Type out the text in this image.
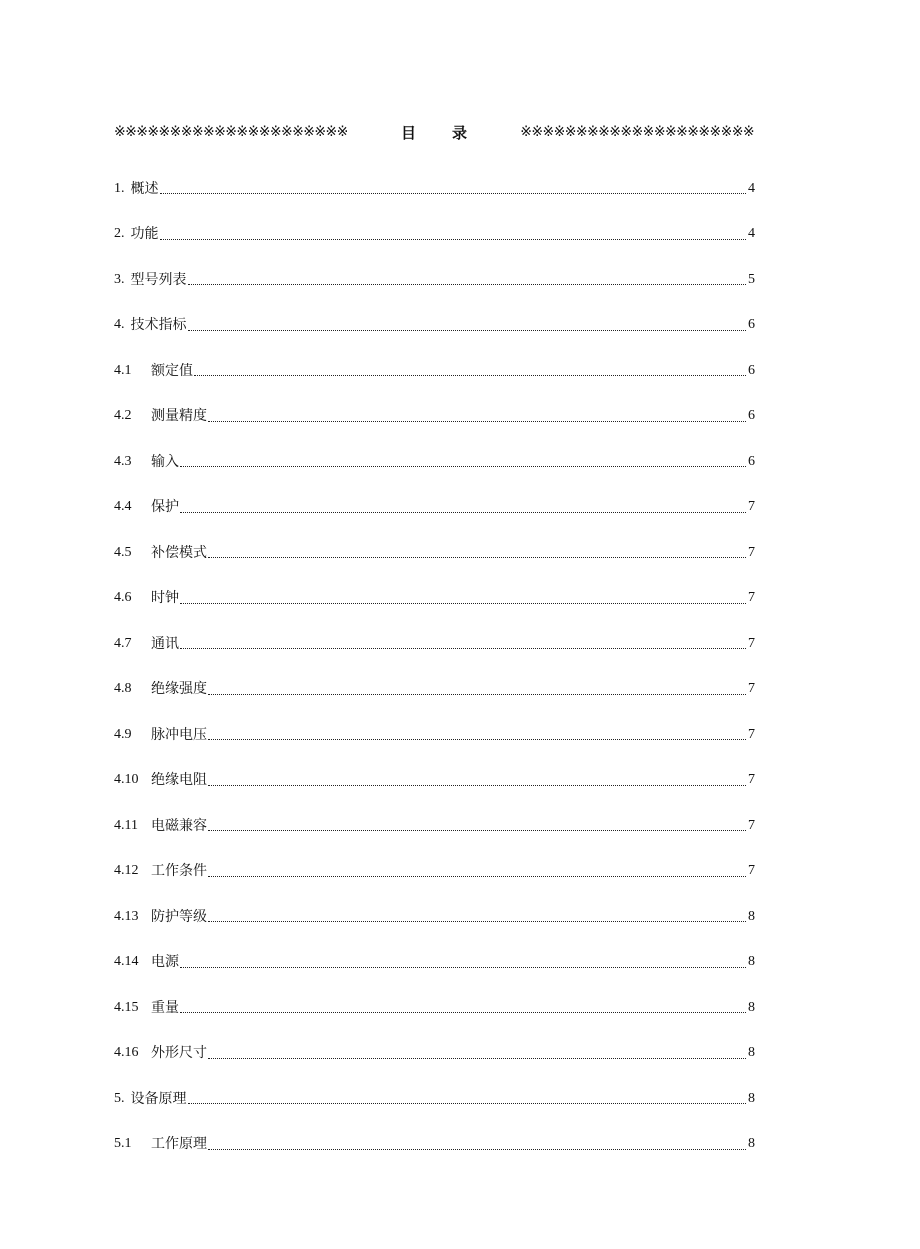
※※※※※※※※※※※※※※※※※※※※※	目 录	※※※※※※※※※※※※※※※※※※※※※
1. 概述	4
2. 功能	4
3. 型号列表	5
4. 技术指标	6
4.1	额定值	6
4.2	测量精度	6
4.3	输入	6
4.4	保护	7
4.5	补偿模式	7
4.6	时钟	7
4.7	通讯	7
4.8	绝缘强度	7
4.9	脉冲电压	7
4.10 绝缘电阻	7
4.11 电磁兼容	7
4.12 工作条件	7
4.13 防护等级	8
4.14 电源	8
4.15 重量	8
4.16 外形尺寸	8
5. 设备原理	8
5.1	工作原理	8
